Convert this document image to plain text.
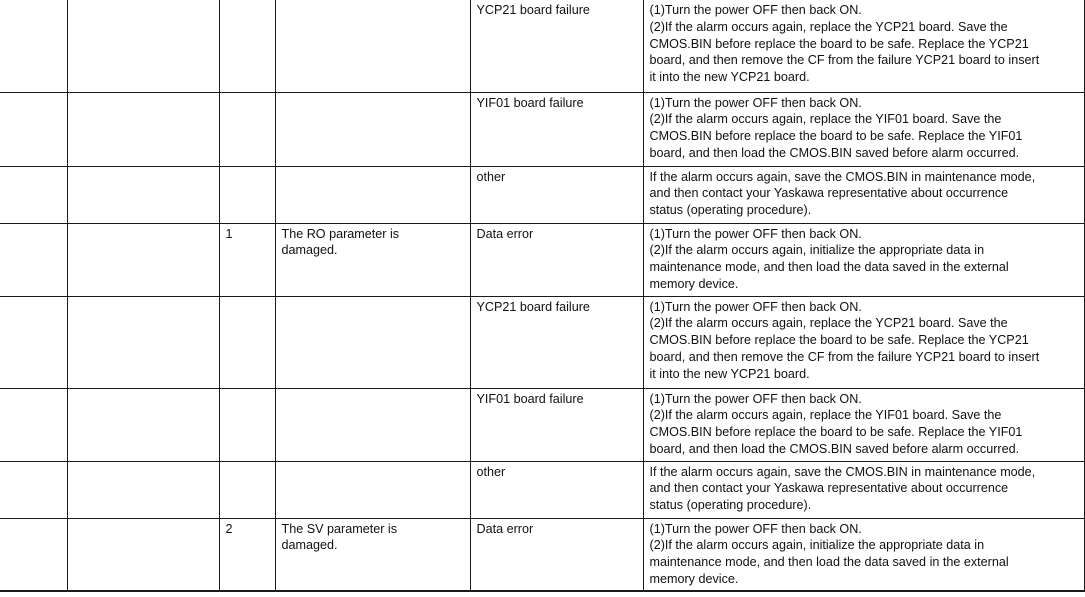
				YCP21 board failure	(1)Turn the power OFF then back ON.
(2)If the alarm occurs again, replace the YCP21 board. Save the
CMOS.BIN before replace the board to be safe. Replace the YCP21
board, and then remove the CF from the failure YCP21 board to insert
it into the new YCP21 board.
				YIF01 board failure	(1)Turn the power OFF then back ON.
(2)If the alarm occurs again, replace the YIF01 board. Save the
CMOS.BIN before replace the board to be safe. Replace the YIF01
board, and then load the CMOS.BIN saved before alarm occurred.
				other	If the alarm occurs again, save the CMOS.BIN in maintenance mode,
and then contact your Yaskawa representative about occurrence
status (operating procedure).
		1	The RO parameter is
damaged.	Data error	(1)Turn the power OFF then back ON.
(2)If the alarm occurs again, initialize the appropriate data in
maintenance mode, and then load the data saved in the external
memory device.
				YCP21 board failure	(1)Turn the power OFF then back ON.
(2)If the alarm occurs again, replace the YCP21 board. Save the
CMOS.BIN before replace the board to be safe. Replace the YCP21
board, and then remove the CF from the failure YCP21 board to insert
it into the new YCP21 board.
				YIF01 board failure	(1)Turn the power OFF then back ON.
(2)If the alarm occurs again, replace the YIF01 board. Save the
CMOS.BIN before replace the board to be safe. Replace the YIF01
board, and then load the CMOS.BIN saved before alarm occurred.
				other	If the alarm occurs again, save the CMOS.BIN in maintenance mode,
and then contact your Yaskawa representative about occurrence
status (operating procedure).
		2	The SV parameter is
damaged.	Data error	(1)Turn the power OFF then back ON.
(2)If the alarm occurs again, initialize the appropriate data in
maintenance mode, and then load the data saved in the external
memory device.
